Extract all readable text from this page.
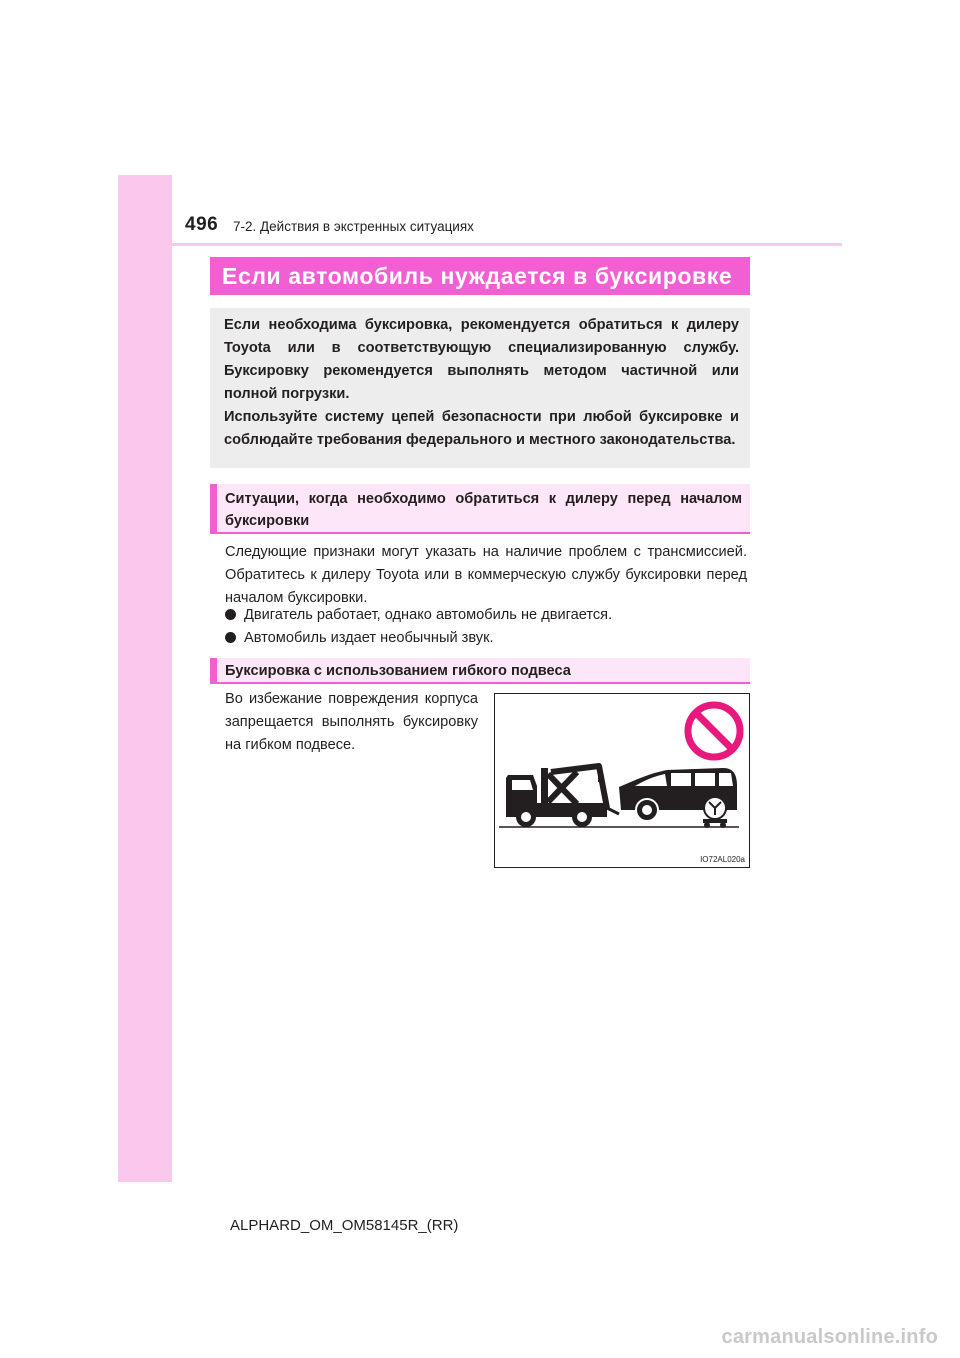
496 7-2. Действия в экстренных ситуациях
Если автомобиль нуждается в буксировке

Если необходима буксировка, рекомендуется обратиться к дилеру Toyota или в соответствующую специализированную службу. Буксировку рекомендуется выполнять методом частичной или полной погрузки.

Используйте систему цепей безопасности при любой буксировке и соблюдайте требования федерального и местного законодательства.

Ситуации, когда необходимо обратиться к дилеру перед началом буксировки

Следующие признаки могут указать на наличие проблем с трансмиссией. Обратитесь к дилеру Toyota или в коммерческую службу буксировки перед началом буксировки.

Двигатель работает, однако автомобиль не двигается.
Автомобиль издает необычный звук.
Буксировка с использованием гибкого подвеса

Во избежание повреждения корпуса запрещается выполнять буксировку на гибком подвесе.

IO72AL020a
ALPHARD_OM_OM58145R_(RR)
carmanualsonline.info
